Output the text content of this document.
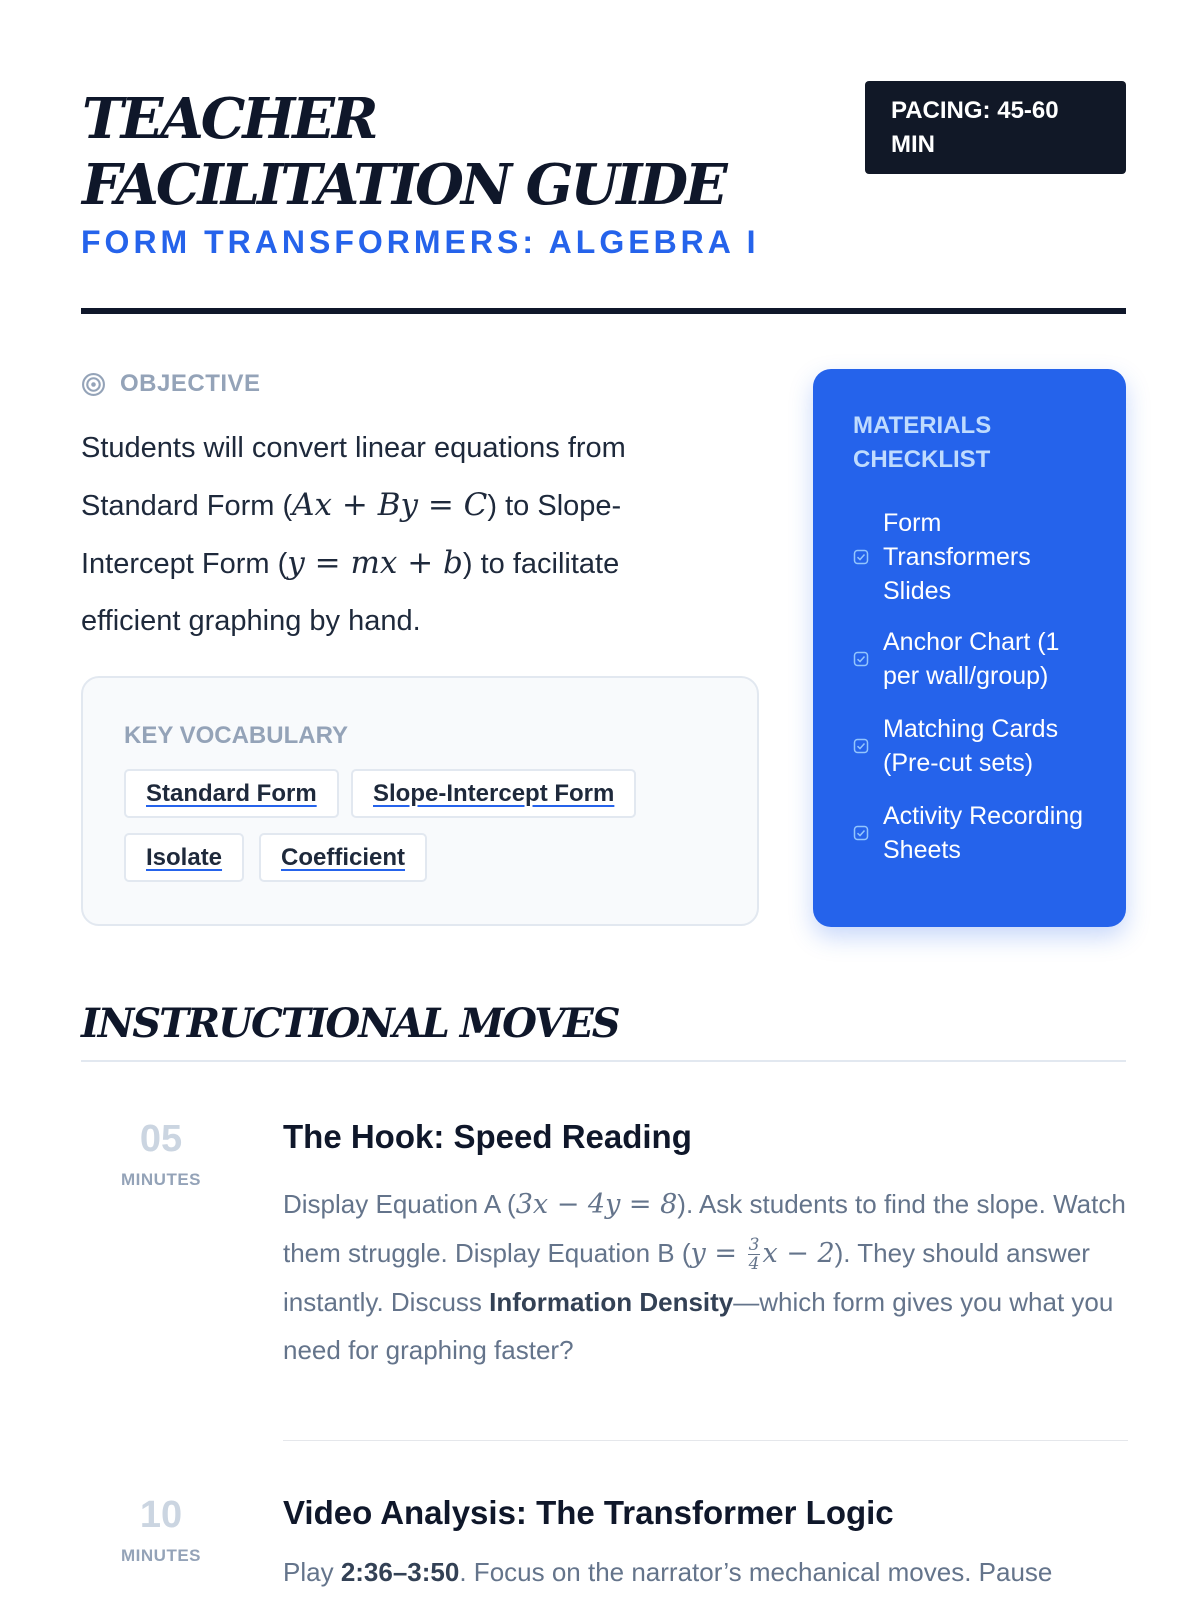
TEACHER FACILITATION GUIDE
FORM TRANSFORMERS: ALGEBRA I
PACING: 45-60 MIN
OBJECTIVE

Students will convert linear equations from Standard Form (Ax + By = C) to Slope-Intercept Form (y = mx + b) to facilitate efficient graphing by hand.

KEY VOCABULARY
Standard Form	Slope-Intercept Form
Isolate	Coefficient
MATERIALS CHECKLIST
Form Transformers Slides
Anchor Chart (1 per wall/group)
Matching Cards (Pre-cut sets)
Activity Recording Sheets
INSTRUCTIONAL MOVES
05
MINUTES
The Hook: Speed Reading

Display Equation A (3x − 4y = 8). Ask students to find the slope. Watch them struggle. Display Equation B ($y = \frac{3}{4}$ x − 2). They should answer instantly. Discuss Information Density—which form gives you what you need for graphing faster?

10
MINUTES
Video Analysis: The Transformer Logic

Play 2:36–3:50. Focus on the narrator’s mechanical moves. Pause
